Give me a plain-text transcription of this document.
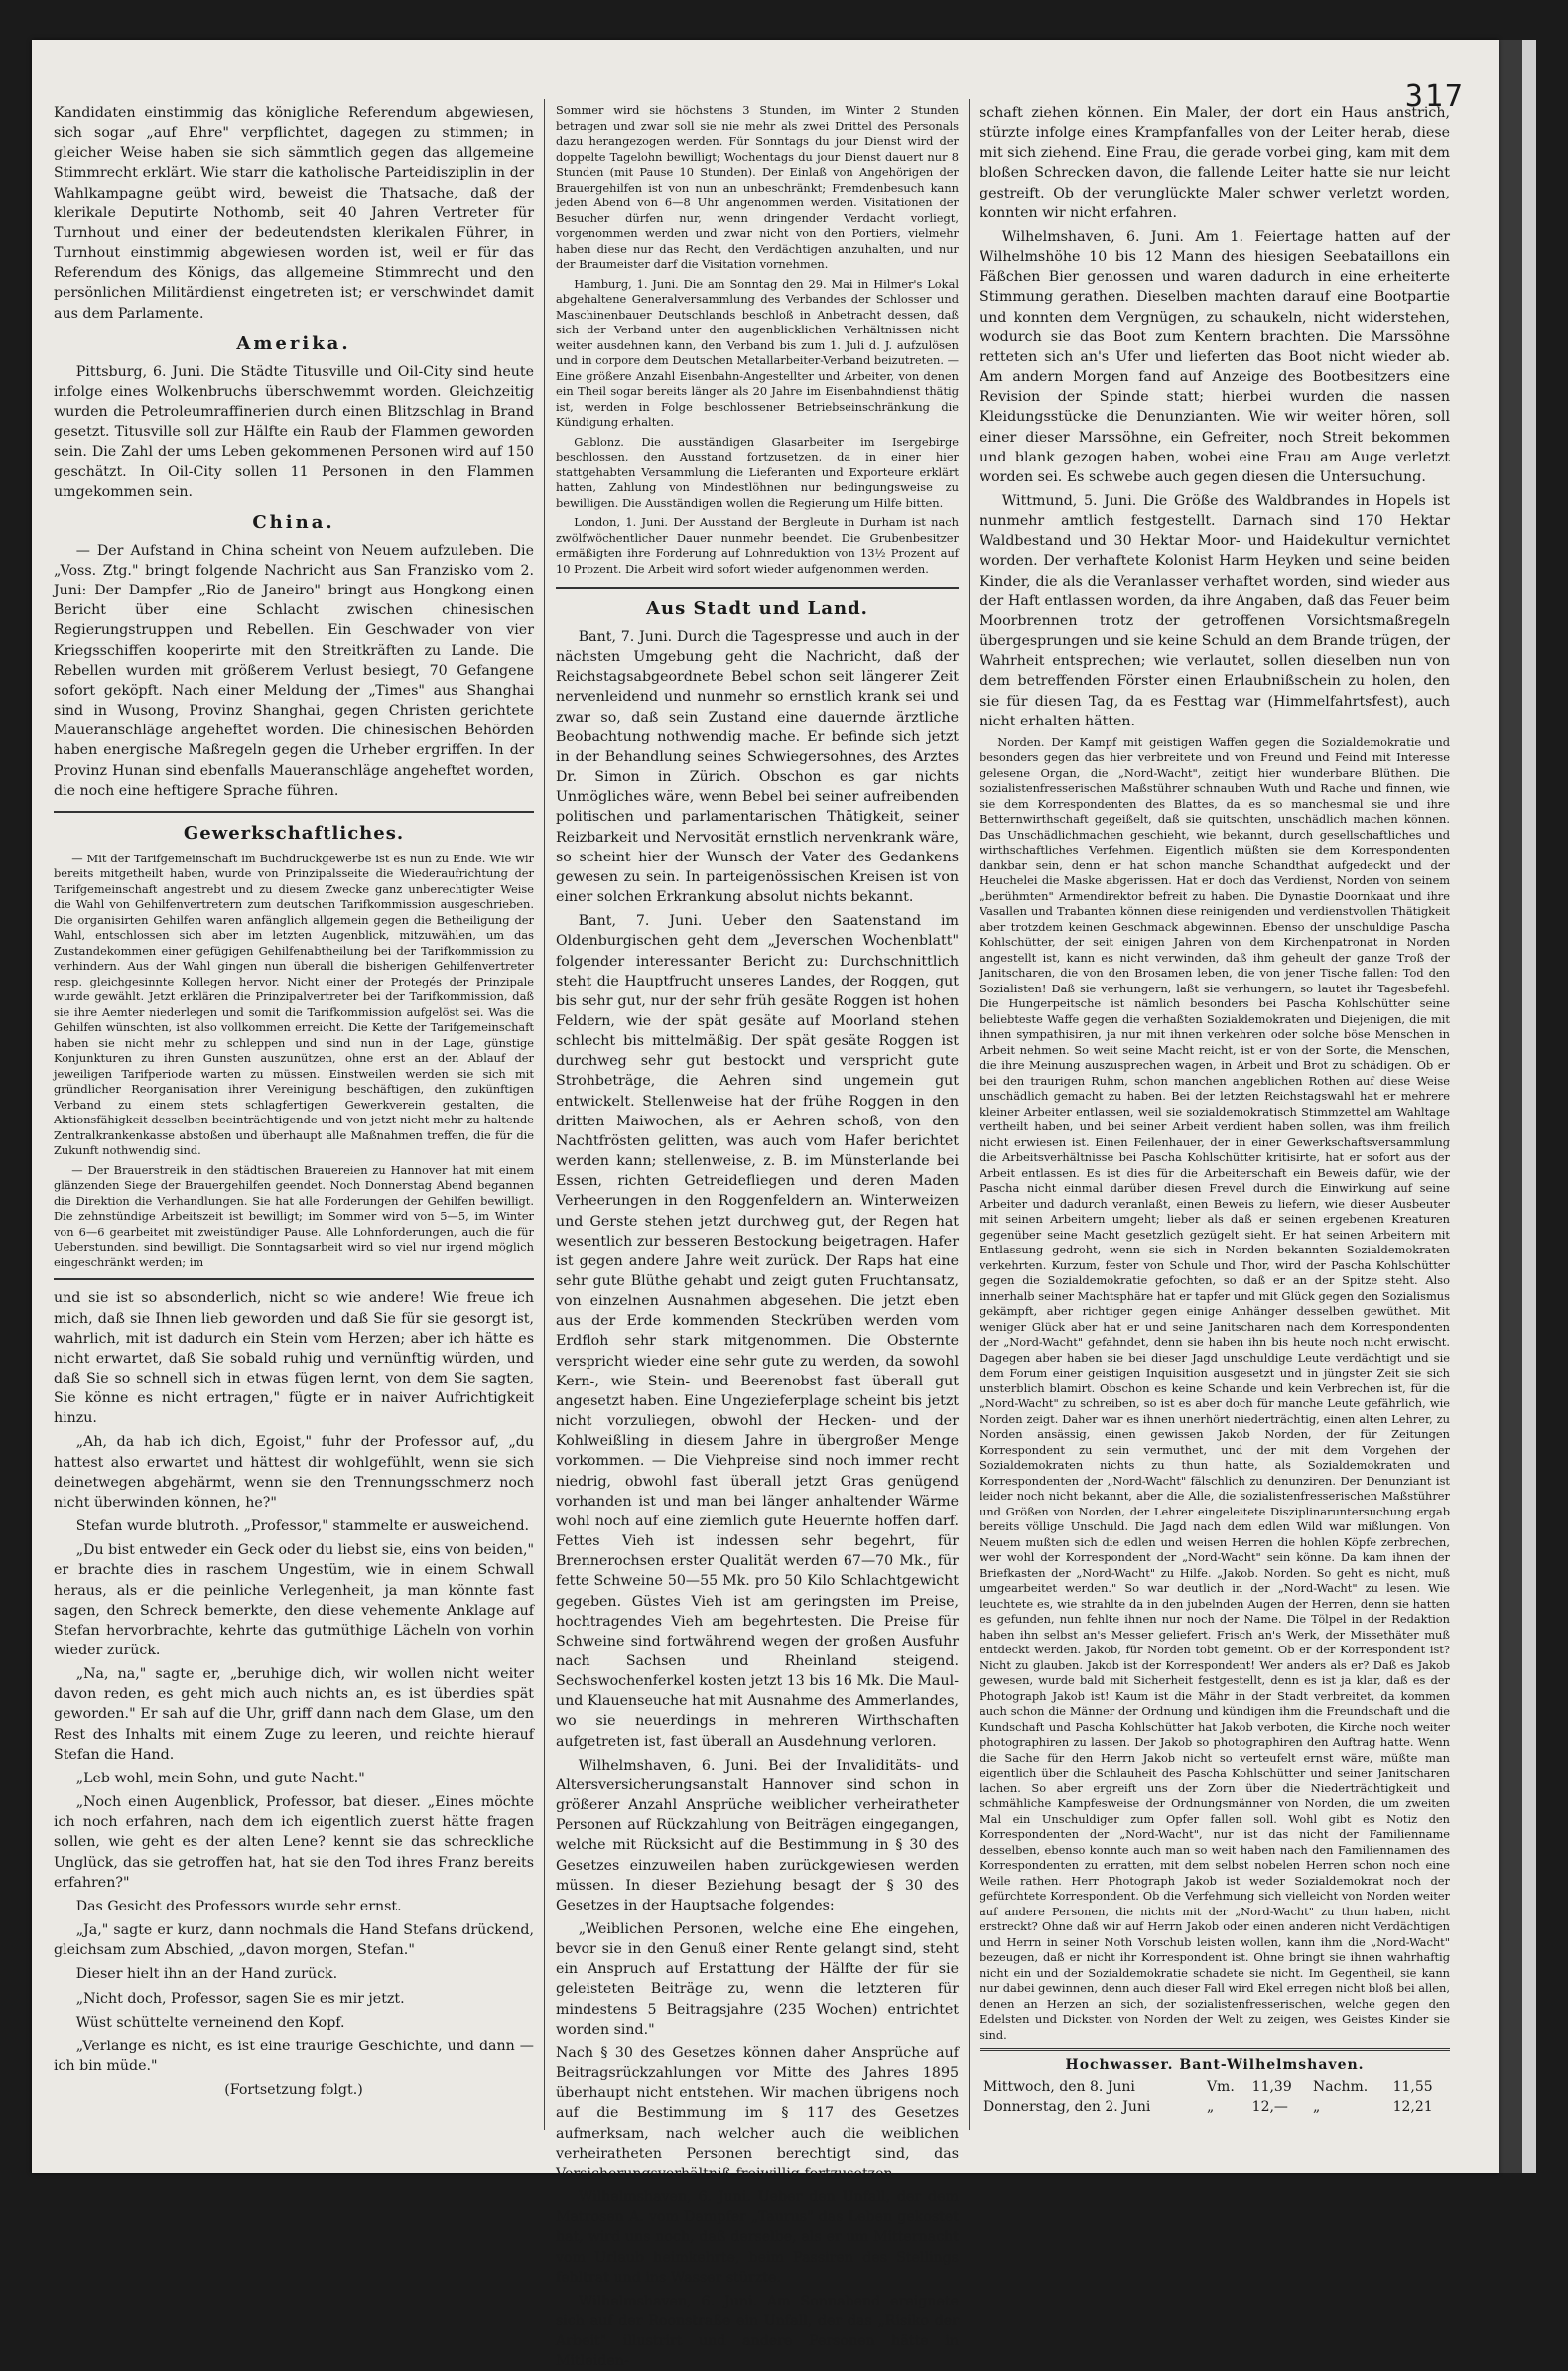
317

Kandidaten einstimmig das königliche Referendum abgewiesen, sich sogar „auf Ehre" verpflichtet, dagegen zu stimmen; in gleicher Weise haben sie sich sämmtlich gegen das allgemeine Stimmrecht erklärt. Wie starr die katholische Parteidisziplin in der Wahlkampagne geübt wird, beweist die Thatsache, daß der klerikale Deputirte Nothomb, seit 40 Jahren Vertreter für Turnhout und einer der bedeutendsten klerikalen Führer, in Turnhout einstimmig abgewiesen worden ist, weil er für das Referendum des Königs, das allgemeine Stimmrecht und den persönlichen Militärdienst eingetreten ist; er verschwindet damit aus dem Parlamente.

Amerika.

Pittsburg, 6. Juni. Die Städte Titusville und Oil-City sind heute infolge eines Wolkenbruchs überschwemmt worden. Gleichzeitig wurden die Petroleumraffinerien durch einen Blitzschlag in Brand gesetzt. Titusville soll zur Hälfte ein Raub der Flammen geworden sein. Die Zahl der ums Leben gekommenen Personen wird auf 150 geschätzt. In Oil-City sollen 11 Personen in den Flammen umgekommen sein.

China.

— Der Aufstand in China scheint von Neuem aufzuleben. Die „Voss. Ztg." bringt folgende Nachricht aus San Franzisko vom 2. Juni: Der Dampfer „Rio de Janeiro" bringt aus Hongkong einen Bericht über eine Schlacht zwischen chinesischen Regierungstruppen und Rebellen. Ein Geschwader von vier Kriegsschiffen kooperirte mit den Streitkräften zu Lande. Die Rebellen wurden mit größerem Verlust besiegt, 70 Gefangene sofort geköpft. Nach einer Meldung der „Times" aus Shanghai sind in Wusong, Provinz Shanghai, gegen Christen gerichtete Maueranschläge angeheftet worden. Die chinesischen Behörden haben energische Maßregeln gegen die Urheber ergriffen. In der Provinz Hunan sind ebenfalls Maueranschläge angeheftet worden, die noch eine heftigere Sprache führen.

Gewerkschaftliches.

— Mit der Tarifgemeinschaft im Buchdruckgewerbe ist es nun zu Ende. Wie wir bereits mitgetheilt haben, wurde von Prinzipalsseite die Wiederaufrichtung der Tarifgemeinschaft angestrebt und zu diesem Zwecke ganz unberechtigter Weise die Wahl von Gehilfenvertretern zum deutschen Tarifkommission ausgeschrieben. Die organisirten Gehilfen waren anfänglich allgemein gegen die Betheiligung der Wahl, entschlossen sich aber im letzten Augenblick, mitzuwählen, um das Zustandekommen einer gefügigen Gehilfenabtheilung bei der Tarifkommission zu verhindern. Aus der Wahl gingen nun überall die bisherigen Gehilfenvertreter resp. gleichgesinnte Kollegen hervor. Nicht einer der Protegés der Prinzipale wurde gewählt. Jetzt erklären die Prinzipalvertreter bei der Tarifkommission, daß sie ihre Aemter niederlegen und somit die Tarifkommission aufgelöst sei. Was die Gehilfen wünschten, ist also vollkommen erreicht. Die Kette der Tarifgemeinschaft haben sie nicht mehr zu schleppen und sind nun in der Lage, günstige Konjunkturen zu ihren Gunsten auszunützen, ohne erst an den Ablauf der jeweiligen Tarifperiode warten zu müssen. Einstweilen werden sie sich mit gründlicher Reorganisation ihrer Vereinigung beschäftigen, den zukünftigen Verband zu einem stets schlagfertigen Gewerkverein gestalten, die Aktionsfähigkeit desselben beeinträchtigende und von jetzt nicht mehr zu haltende Zentralkrankenkasse abstoßen und überhaupt alle Maßnahmen treffen, die für die Zukunft nothwendig sind.

— Der Brauerstreik in den städtischen Brauereien zu Hannover hat mit einem glänzenden Siege der Brauergehilfen geendet. Noch Donnerstag Abend begannen die Direktion die Verhandlungen. Sie hat alle Forderungen der Gehilfen bewilligt. Die zehnstündige Arbeitszeit ist bewilligt; im Sommer wird von 5—5, im Winter von 6—6 gearbeitet mit zweistündiger Pause. Alle Lohnforderungen, auch die für Ueberstunden, sind bewilligt. Die Sonntagsarbeit wird so viel nur irgend möglich eingeschränkt werden; im

und sie ist so absonderlich, nicht so wie andere! Wie freue ich mich, daß sie Ihnen lieb geworden und daß Sie für sie gesorgt ist, wahrlich, mit ist dadurch ein Stein vom Herzen; aber ich hätte es nicht erwartet, daß Sie sobald ruhig und vernünftig würden, und daß Sie so schnell sich in etwas fügen lernt, von dem Sie sagten, Sie könne es nicht ertragen," fügte er in naiver Aufrichtigkeit hinzu.

„Ah, da hab ich dich, Egoist," fuhr der Professor auf, „du hattest also erwartet und hättest dir wohlgefühlt, wenn sie sich deinetwegen abgehärmt, wenn sie den Trennungsschmerz noch nicht überwinden können, he?"

Stefan wurde blutroth. „Professor," stammelte er ausweichend.

„Du bist entweder ein Geck oder du liebst sie, eins von beiden," er brachte dies in raschem Ungestüm, wie in einem Schwall heraus, als er die peinliche Verlegenheit, ja man könnte fast sagen, den Schreck bemerkte, den diese vehemente Anklage auf Stefan hervorbrachte, kehrte das gutmüthige Lächeln von vorhin wieder zurück.

„Na, na," sagte er, „beruhige dich, wir wollen nicht weiter davon reden, es geht mich auch nichts an, es ist überdies spät geworden." Er sah auf die Uhr, griff dann nach dem Glase, um den Rest des Inhalts mit einem Zuge zu leeren, und reichte hierauf Stefan die Hand.

„Leb wohl, mein Sohn, und gute Nacht."

„Noch einen Augenblick, Professor, bat dieser. „Eines möchte ich noch erfahren, nach dem ich eigentlich zuerst hätte fragen sollen, wie geht es der alten Lene? kennt sie das schreckliche Unglück, das sie getroffen hat, hat sie den Tod ihres Franz bereits erfahren?"

Das Gesicht des Professors wurde sehr ernst.

„Ja," sagte er kurz, dann nochmals die Hand Stefans drückend, gleichsam zum Abschied, „davon morgen, Stefan."

Dieser hielt ihn an der Hand zurück.

„Nicht doch, Professor, sagen Sie es mir jetzt.

Wüst schüttelte verneinend den Kopf.

„Verlange es nicht, es ist eine traurige Geschichte, und dann — ich bin müde."

(Fortsetzung folgt.)

Sommer wird sie höchstens 3 Stunden, im Winter 2 Stunden betragen und zwar soll sie nie mehr als zwei Drittel des Personals dazu herangezogen werden. Für Sonntags du jour Dienst wird der doppelte Tagelohn bewilligt; Wochentags du jour Dienst dauert nur 8 Stunden (mit Pause 10 Stunden). Der Einlaß von Angehörigen der Brauergehilfen ist von nun an unbeschränkt; Fremdenbesuch kann jeden Abend von 6—8 Uhr angenommen werden. Visitationen der Besucher dürfen nur, wenn dringender Verdacht vorliegt, vorgenommen werden und zwar nicht von den Portiers, vielmehr haben diese nur das Recht, den Verdächtigen anzuhalten, und nur der Braumeister darf die Visitation vornehmen.

Hamburg, 1. Juni. Die am Sonntag den 29. Mai in Hilmer's Lokal abgehaltene Generalversammlung des Verbandes der Schlosser und Maschinenbauer Deutschlands beschloß in Anbetracht dessen, daß sich der Verband unter den augenblicklichen Verhältnissen nicht weiter ausdehnen kann, den Verband bis zum 1. Juli d. J. aufzulösen und in corpore dem Deutschen Metallarbeiter-Verband beizutreten. — Eine größere Anzahl Eisenbahn-Angestellter und Arbeiter, von denen ein Theil sogar bereits länger als 20 Jahre im Eisenbahndienst thätig ist, werden in Folge beschlossener Betriebseinschränkung die Kündigung erhalten.

Gablonz. Die ausständigen Glasarbeiter im Isergebirge beschlossen, den Ausstand fortzusetzen, da in einer hier stattgehabten Versammlung die Lieferanten und Exporteure erklärt hatten, Zahlung von Mindestlöhnen nur bedingungsweise zu bewilligen. Die Ausständigen wollen die Regierung um Hilfe bitten.

London, 1. Juni. Der Ausstand der Bergleute in Durham ist nach zwölfwöchentlicher Dauer nunmehr beendet. Die Grubenbesitzer ermäßigten ihre Forderung auf Lohnreduktion von 13½ Prozent auf 10 Prozent. Die Arbeit wird sofort wieder aufgenommen werden.

Aus Stadt und Land.

Bant, 7. Juni. Durch die Tagespresse und auch in der nächsten Umgebung geht die Nachricht, daß der Reichstagsabgeordnete Bebel schon seit längerer Zeit nervenleidend und nunmehr so ernstlich krank sei und zwar so, daß sein Zustand eine dauernde ärztliche Beobachtung nothwendig mache. Er befinde sich jetzt in der Behandlung seines Schwiegersohnes, des Arztes Dr. Simon in Zürich. Obschon es gar nichts Unmögliches wäre, wenn Bebel bei seiner aufreibenden politischen und parlamentarischen Thätigkeit, seiner Reizbarkeit und Nervosität ernstlich nervenkrank wäre, so scheint hier der Wunsch der Vater des Gedankens gewesen zu sein. In parteigenössischen Kreisen ist von einer solchen Erkrankung absolut nichts bekannt.

Bant, 7. Juni. Ueber den Saatenstand im Oldenburgischen geht dem „Jeverschen Wochenblatt" folgender interessanter Bericht zu: Durchschnittlich steht die Hauptfrucht unseres Landes, der Roggen, gut bis sehr gut, nur der sehr früh gesäte Roggen ist hohen Feldern, wie der spät gesäte auf Moorland stehen schlecht bis mittelmäßig. Der spät gesäte Roggen ist durchweg sehr gut bestockt und verspricht gute Strohbeträge, die Aehren sind ungemein gut entwickelt. Stellenweise hat der frühe Roggen in den dritten Maiwochen, als er Aehren schoß, von den Nachtfrösten gelitten, was auch vom Hafer berichtet werden kann; stellenweise, z. B. im Münsterlande bei Essen, richten Getreidefliegen und deren Maden Verheerungen in den Roggenfeldern an. Winterweizen und Gerste stehen jetzt durchweg gut, der Regen hat wesentlich zur besseren Bestockung beigetragen. Hafer ist gegen andere Jahre weit zurück. Der Raps hat eine sehr gute Blüthe gehabt und zeigt guten Fruchtansatz, von einzelnen Ausnahmen abgesehen. Die jetzt eben aus der Erde kommenden Steckrüben werden vom Erdfloh sehr stark mitgenommen. Die Obsternte verspricht wieder eine sehr gute zu werden, da sowohl Kern-, wie Stein- und Beerenobst fast überall gut angesetzt haben. Eine Ungezieferplage scheint bis jetzt nicht vorzuliegen, obwohl der Hecken- und der Kohlweißling in diesem Jahre in übergroßer Menge vorkommen. — Die Viehpreise sind noch immer recht niedrig, obwohl fast überall jetzt Gras genügend vorhanden ist und man bei länger anhaltender Wärme wohl noch auf eine ziemlich gute Heuernte hoffen darf. Fettes Vieh ist indessen sehr begehrt, für Brennerochsen erster Qualität werden 67—70 Mk., für fette Schweine 50—55 Mk. pro 50 Kilo Schlachtgewicht gegeben. Güstes Vieh ist am geringsten im Preise, hochtragendes Vieh am begehrtesten. Die Preise für Schweine sind fortwährend wegen der großen Ausfuhr nach Sachsen und Rheinland steigend. Sechswochenferkel kosten jetzt 13 bis 16 Mk. Die Maul- und Klauenseuche hat mit Ausnahme des Ammerlandes, wo sie neuerdings in mehreren Wirthschaften aufgetreten ist, fast überall an Ausdehnung verloren.

Wilhelmshaven, 6. Juni. Bei der Invaliditäts- und Altersversicherungsanstalt Hannover sind schon in größerer Anzahl Ansprüche weiblicher verheiratheter Personen auf Rückzahlung von Beiträgen eingegangen, welche mit Rücksicht auf die Bestimmung in § 30 des Gesetzes einzuweilen haben zurückgewiesen werden müssen. In dieser Beziehung besagt der § 30 des Gesetzes in der Hauptsache folgendes:

„Weiblichen Personen, welche eine Ehe eingehen, bevor sie in den Genuß einer Rente gelangt sind, steht ein Anspruch auf Erstattung der Hälfte der für sie geleisteten Beiträge zu, wenn die letzteren für mindestens 5 Beitragsjahre (235 Wochen) entrichtet worden sind."

Nach § 30 des Gesetzes können daher Ansprüche auf Beitragsrückzahlungen vor Mitte des Jahres 1895 überhaupt nicht entstehen. Wir machen übrigens noch auf die Bestimmung im § 117 des Gesetzes aufmerksam, nach welcher auch die weiblichen verheiratheten Personen berechtigt sind, das Versicherungsverhältniß freiwillig fortzusetzen.

Wilhelmshaven, 6. Juni. Ueber den Unfall, der dem Matrosen A. vom Dampfer „Taurus" das Leben gekostet hat, wird uns noch, daß derselbe, als er um Mitternacht vom Urlaub heimkehrte, beim Passiren des Stellings fehltrat und ins Wasser stürzte.

Wilhelmshaven, 6. Juni. Am Sonnabend ereignete sich auf der Roonstraße ein Unfall, der das „Risiko der Arbeit" illustrirt und andere Personen hätte in Mitleiden-

schaft ziehen können. Ein Maler, der dort ein Haus anstrich, stürzte infolge eines Krampfanfalles von der Leiter herab, diese mit sich ziehend. Eine Frau, die gerade vorbei ging, kam mit dem bloßen Schrecken davon, die fallende Leiter hatte sie nur leicht gestreift. Ob der verunglückte Maler schwer verletzt worden, konnten wir nicht erfahren.

Wilhelmshaven, 6. Juni. Am 1. Feiertage hatten auf der Wilhelmshöhe 10 bis 12 Mann des hiesigen Seebataillons ein Fäßchen Bier genossen und waren dadurch in eine erheiterte Stimmung gerathen. Dieselben machten darauf eine Bootpartie und konnten dem Vergnügen, zu schaukeln, nicht widerstehen, wodurch sie das Boot zum Kentern brachten. Die Marssöhne retteten sich an's Ufer und lieferten das Boot nicht wieder ab. Am andern Morgen fand auf Anzeige des Bootbesitzers eine Revision der Spinde statt; hierbei wurden die nassen Kleidungsstücke die Denunzianten. Wie wir weiter hören, soll einer dieser Marssöhne, ein Gefreiter, noch Streit bekommen und blank gezogen haben, wobei eine Frau am Auge verletzt worden sei. Es schwebe auch gegen diesen die Untersuchung.

Wittmund, 5. Juni. Die Größe des Waldbrandes in Hopels ist nunmehr amtlich festgestellt. Darnach sind 170 Hektar Waldbestand und 30 Hektar Moor- und Haidekultur vernichtet worden. Der verhaftete Kolonist Harm Heyken und seine beiden Kinder, die als die Veranlasser verhaftet worden, sind wieder aus der Haft entlassen worden, da ihre Angaben, daß das Feuer beim Moorbrennen trotz der getroffenen Vorsichtsmaßregeln übergesprungen und sie keine Schuld an dem Brande trügen, der Wahrheit entsprechen; wie verlautet, sollen dieselben nun von dem betreffenden Förster einen Erlaubnißschein zu holen, den sie für diesen Tag, da es Festtag war (Himmelfahrtsfest), auch nicht erhalten hätten.

Norden. Der Kampf mit geistigen Waffen gegen die Sozialdemokratie und besonders gegen das hier verbreitete und von Freund und Feind mit Interesse gelesene Organ, die „Nord-Wacht", zeitigt hier wunderbare Blüthen. Die sozialistenfresserischen Maßstührer schnauben Wuth und Rache und finnen, wie sie dem Korrespondenten des Blattes, da es so manchesmal sie und ihre Betternwirthschaft gegeißelt, daß sie quitschten, unschädlich machen können. Das Unschädlichmachen geschieht, wie bekannt, durch gesellschaftliches und wirthschaftliches Verfehmen. Eigentlich müßten sie dem Korrespondenten dankbar sein, denn er hat schon manche Schandthat aufgedeckt und der Heuchelei die Maske abgerissen. Hat er doch das Verdienst, Norden von seinem „berühmten" Armendirektor befreit zu haben. Die Dynastie Doornkaat und ihre Vasallen und Trabanten können diese reinigenden und verdienstvollen Thätigkeit aber trotzdem keinen Geschmack abgewinnen. Ebenso der unschuldige Pascha Kohlschütter, der seit einigen Jahren von dem Kirchenpatronat in Norden angestellt ist, kann es nicht verwinden, daß ihm geheult der ganze Troß der Janitscharen, die von den Brosamen leben, die von jener Tische fallen: Tod den Sozialisten! Daß sie verhungern, laßt sie verhungern, so lautet ihr Tagesbefehl. Die Hungerpeitsche ist nämlich besonders bei Pascha Kohlschütter seine beliebteste Waffe gegen die verhaßten Sozialdemokraten und Diejenigen, die mit ihnen sympathisiren, ja nur mit ihnen verkehren oder solche böse Menschen in Arbeit nehmen. So weit seine Macht reicht, ist er von der Sorte, die Menschen, die ihre Meinung auszusprechen wagen, in Arbeit und Brot zu schädigen. Ob er bei den traurigen Ruhm, schon manchen angeblichen Rothen auf diese Weise unschädlich gemacht zu haben. Bei der letzten Reichstagswahl hat er mehrere kleiner Arbeiter entlassen, weil sie sozialdemokratisch Stimmzettel am Wahltage vertheilt haben, und bei seiner Arbeit verdient haben sollen, was ihm freilich nicht erwiesen ist. Einen Feilenhauer, der in einer Gewerkschaftsversammlung die Arbeitsverhältnisse bei Pascha Kohlschütter kritisirte, hat er sofort aus der Arbeit entlassen. Es ist dies für die Arbeiterschaft ein Beweis dafür, wie der Pascha nicht einmal darüber diesen Frevel durch die Einwirkung auf seine Arbeiter und dadurch veranlaßt, einen Beweis zu liefern, wie dieser Ausbeuter mit seinen Arbeitern umgeht; lieber als daß er seinen ergebenen Kreaturen gegenüber seine Macht gesetzlich gezügelt sieht. Er hat seinen Arbeitern mit Entlassung gedroht, wenn sie sich in Norden bekannten Sozialdemokraten verkehrten. Kurzum, fester von Schule und Thor, wird der Pascha Kohlschütter gegen die Sozialdemokratie gefochten, so daß er an der Spitze steht. Also innerhalb seiner Machtsphäre hat er tapfer und mit Glück gegen den Sozialismus gekämpft, aber richtiger gegen einige Anhänger desselben gewüthet. Mit weniger Glück aber hat er und seine Janitscharen nach dem Korrespondenten der „Nord-Wacht" gefahndet, denn sie haben ihn bis heute noch nicht erwischt. Dagegen aber haben sie bei dieser Jagd unschuldige Leute verdächtigt und sie dem Forum einer geistigen Inquisition ausgesetzt und in jüngster Zeit sie sich unsterblich blamirt. Obschon es keine Schande und kein Verbrechen ist, für die „Nord-Wacht" zu schreiben, so ist es aber doch für manche Leute gefährlich, wie Norden zeigt. Daher war es ihnen unerhört niederträchtig, einen alten Lehrer, zu Norden ansässig, einen gewissen Jakob Norden, der für Zeitungen Korrespondent zu sein vermuthet, und der mit dem Vorgehen der Sozialdemokraten nichts zu thun hatte, als Sozialdemokraten und Korrespondenten der „Nord-Wacht" fälschlich zu denunziren. Der Denunziant ist leider noch nicht bekannt, aber die Alle, die sozialistenfresserischen Maßstührer und Größen von Norden, der Lehrer eingeleitete Disziplinaruntersuchung ergab bereits völlige Unschuld. Die Jagd nach dem edlen Wild war mißlungen. Von Neuem mußten sich die edlen und weisen Herren die hohlen Köpfe zerbrechen, wer wohl der Korrespondent der „Nord-Wacht" sein könne. Da kam ihnen der Briefkasten der „Nord-Wacht" zu Hilfe. „Jakob. Norden. So geht es nicht, muß umgearbeitet werden." So war deutlich in der „Nord-Wacht" zu lesen. Wie leuchtete es, wie strahlte da in den jubelnden Augen der Herren, denn sie hatten es gefunden, nun fehlte ihnen nur noch der Name. Die Tölpel in der Redaktion haben ihn selbst an's Messer geliefert. Frisch an's Werk, der Missethäter muß entdeckt werden. Jakob, für Norden tobt gemeint. Ob er der Korrespondent ist? Nicht zu glauben. Jakob ist der Korrespondent! Wer anders als er? Daß es Jakob gewesen, wurde bald mit Sicherheit festgestellt, denn es ist ja klar, daß es der Photograph Jakob ist! Kaum ist die Mähr in der Stadt verbreitet, da kommen auch schon die Männer der Ordnung und kündigen ihm die Freundschaft und die Kundschaft und Pascha Kohlschütter hat Jakob verboten, die Kirche noch weiter photographiren zu lassen. Der Jakob so photographiren den Auftrag hatte. Wenn die Sache für den Herrn Jakob nicht so verteufelt ernst wäre, müßte man eigentlich über die Schlauheit des Pascha Kohlschütter und seiner Janitscharen lachen. So aber ergreift uns der Zorn über die Niederträchtigkeit und schmähliche Kampfesweise der Ordnungsmänner von Norden, die um zweiten Mal ein Unschuldiger zum Opfer fallen soll. Wohl gibt es Notiz den Korrespondenten der „Nord-Wacht", nur ist das nicht der Familienname desselben, ebenso konnte auch man so weit haben nach den Familiennamen des Korrespondenten zu erratten, mit dem selbst nobelen Herren schon noch eine Weile rathen. Herr Photograph Jakob ist weder Sozialdemokrat noch der gefürchtete Korrespondent. Ob die Verfehmung sich vielleicht von Norden weiter auf andere Personen, die nichts mit der „Nord-Wacht" zu thun haben, nicht erstreckt? Ohne daß wir auf Herrn Jakob oder einen anderen nicht Verdächtigen und Herrn in seiner Noth Vorschub leisten wollen, kann ihm die „Nord-Wacht" bezeugen, daß er nicht ihr Korrespondent ist. Ohne bringt sie ihnen wahrhaftig nicht ein und der Sozialdemokratie schadete sie nicht. Im Gegentheil, sie kann nur dabei gewinnen, denn auch dieser Fall wird Ekel erregen nicht bloß bei allen, denen an Herzen an sich, der sozialistenfresserischen, welche gegen den Edelsten und Dicksten von Norden der Welt zu zeigen, wes Geistes Kinder sie sind.

Hochwasser. Bant-Wilhelmshaven.
Mittwoch, den 8. Juni	Vm.	11,39	Nachm.	11,55
Donnerstag, den 2. Juni	„	12,—	„	12,21
